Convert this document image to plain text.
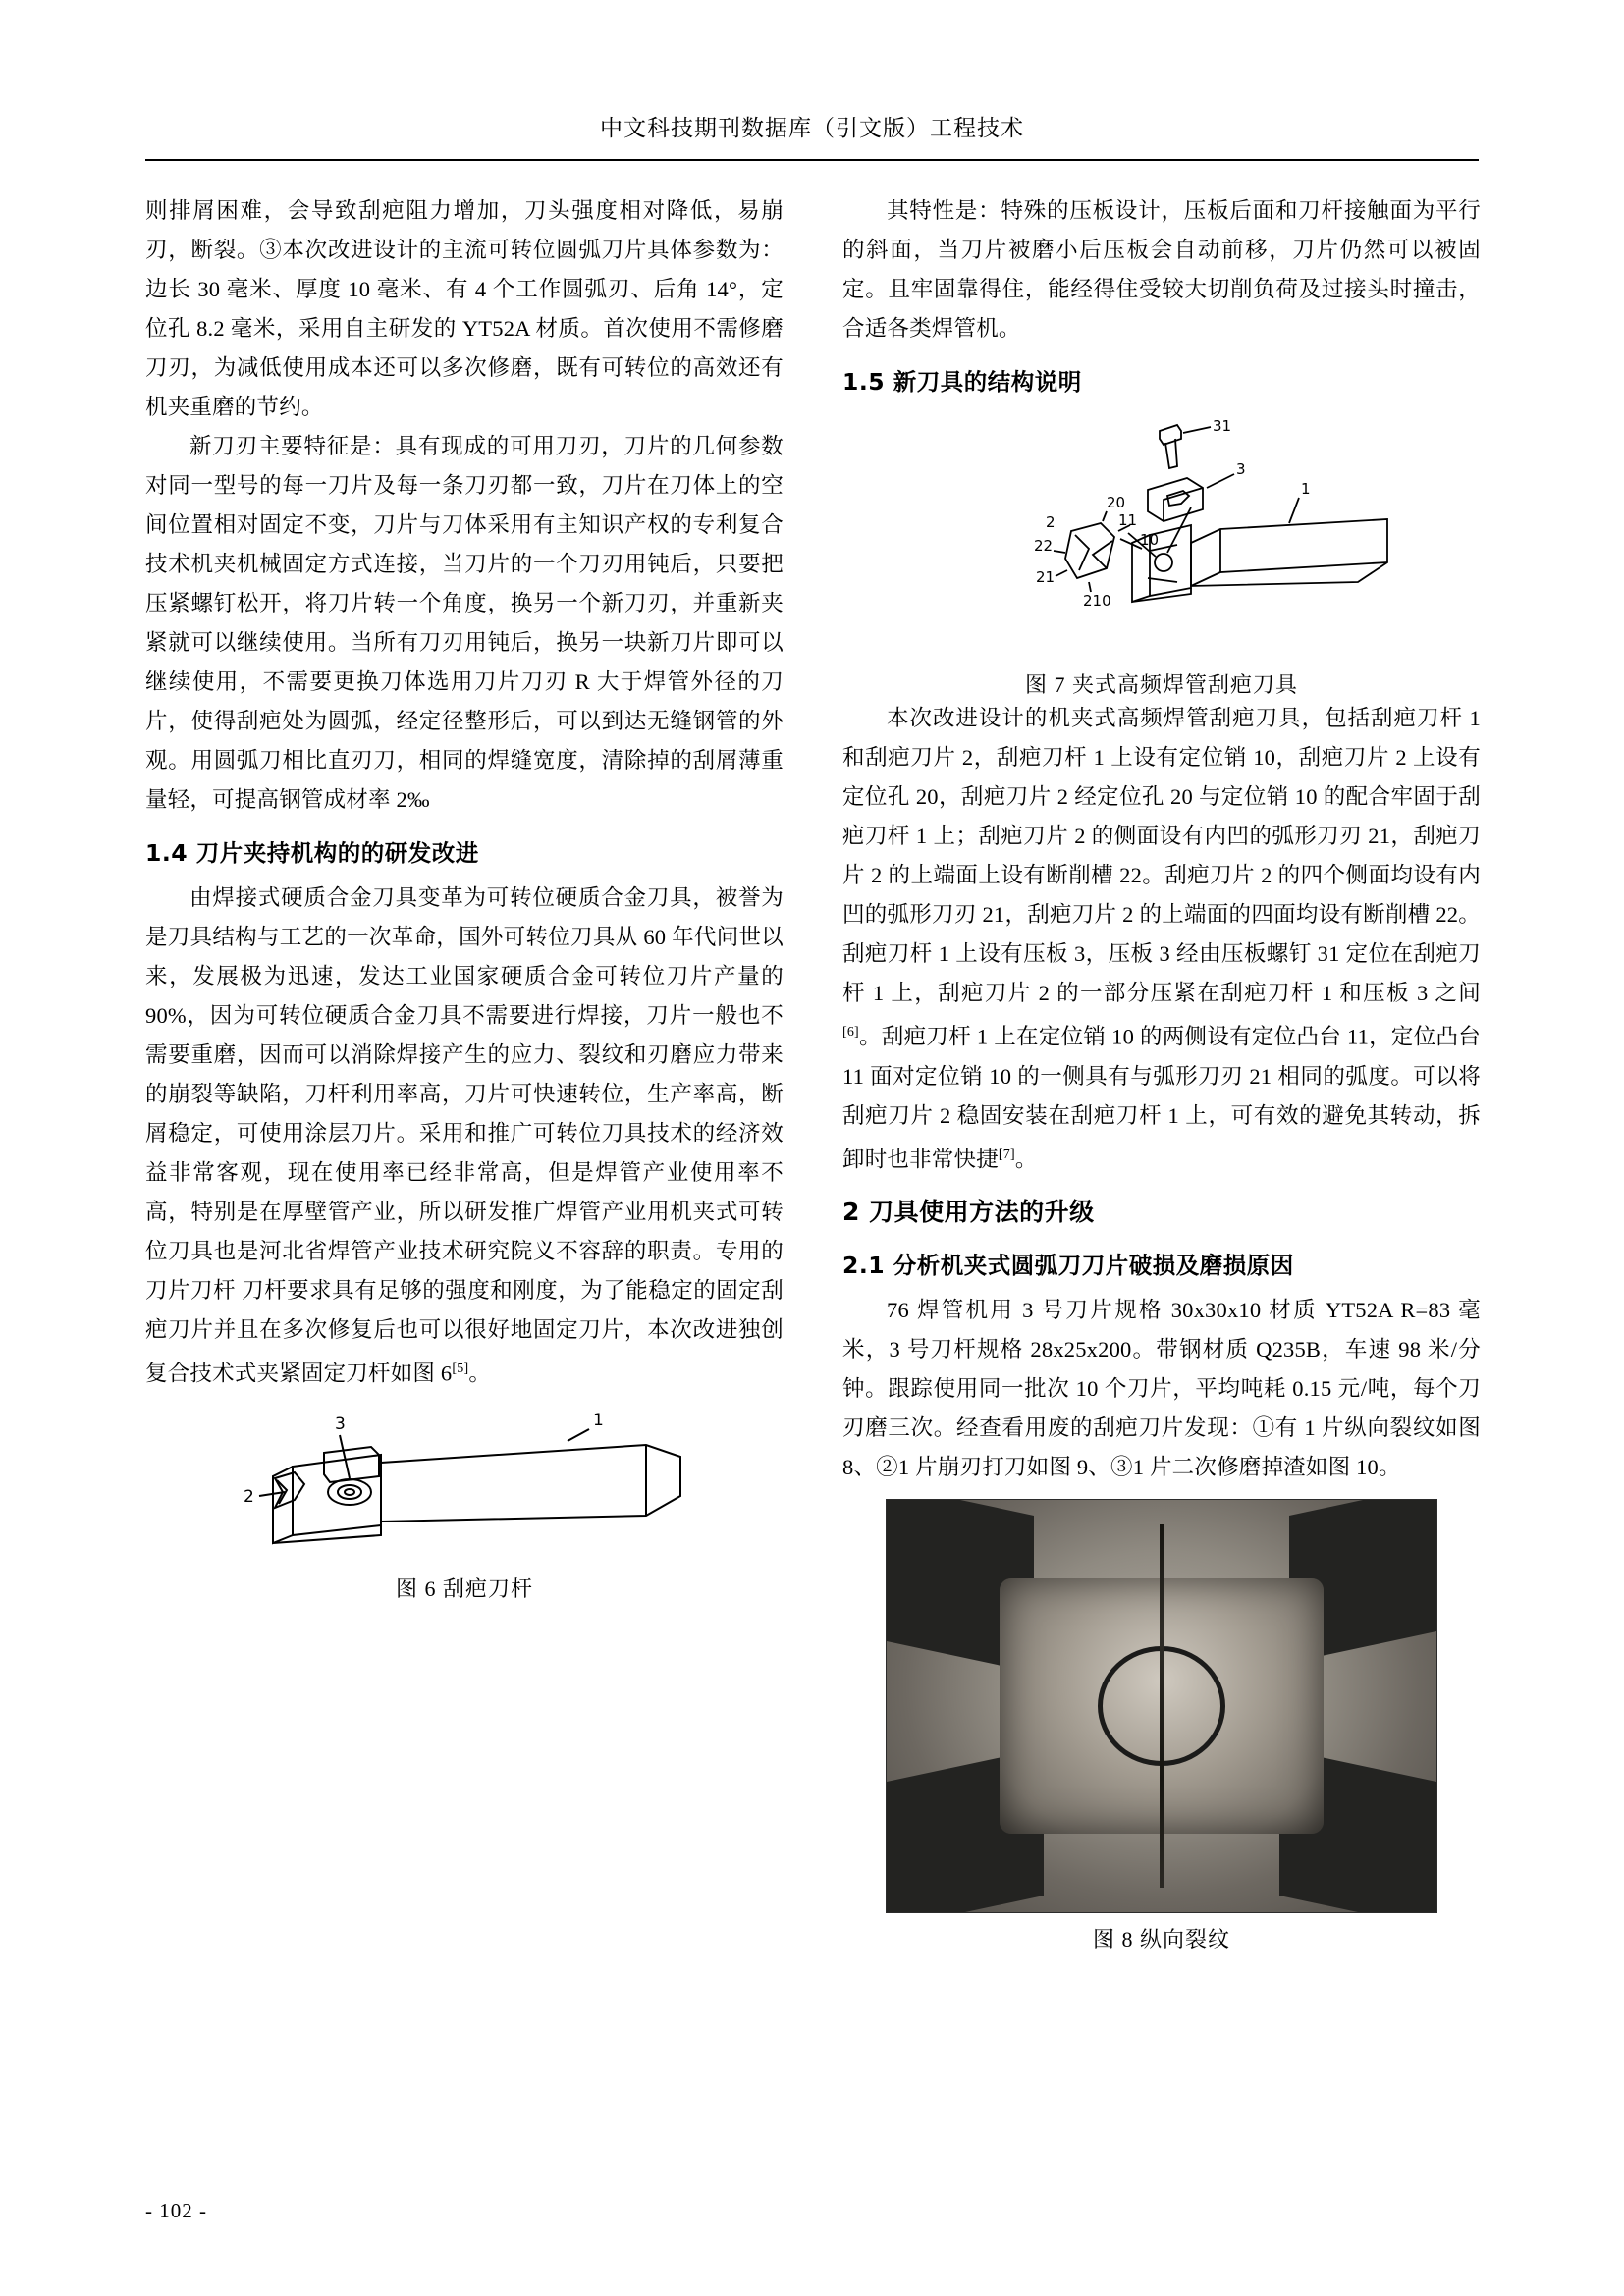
中文科技期刊数据库（引文版）工程技术

则排屑困难，会导致刮疤阻力增加，刀头强度相对降低，易崩刃，断裂。③本次改进设计的主流可转位圆弧刀片具体参数为：边长 30 毫米、厚度 10 毫米、有 4 个工作圆弧刃、后角 14°，定位孔 8.2 毫米，采用自主研发的 YT52A 材质。首次使用不需修磨刀刃，为减低使用成本还可以多次修磨，既有可转位的高效还有机夹重磨的节约。

新刀刃主要特征是：具有现成的可用刀刃，刀片的几何参数对同一型号的每一刀片及每一条刀刃都一致，刀片在刀体上的空间位置相对固定不变，刀片与刀体采用有主知识产权的专利复合技术机夹机械固定方式连接，当刀片的一个刀刃用钝后，只要把压紧螺钉松开，将刀片转一个角度，换另一个新刀刃，并重新夹紧就可以继续使用。当所有刀刃用钝后，换另一块新刀片即可以继续使用，不需要更换刀体选用刀片刀刃 R 大于焊管外径的刀片，使得刮疤处为圆弧，经定径整形后，可以到达无缝钢管的外观。用圆弧刀相比直刃刀，相同的焊缝宽度，清除掉的刮屑薄重量轻，可提高钢管成材率 2‰

1.4 刀片夹持机构的的研发改进

由焊接式硬质合金刀具变革为可转位硬质合金刀具，被誉为是刀具结构与工艺的一次革命，国外可转位刀具从 60 年代问世以来，发展极为迅速，发达工业国家硬质合金可转位刀片产量的 90%，因为可转位硬质合金刀具不需要进行焊接，刀片一般也不需要重磨，因而可以消除焊接产生的应力、裂纹和刃磨应力带来的崩裂等缺陷，刀杆利用率高，刀片可快速转位，生产率高，断屑稳定，可使用涂层刀片。采用和推广可转位刀具技术的经济效益非常客观，现在使用率已经非常高，但是焊管产业使用率不高，特别是在厚壁管产业，所以研发推广焊管产业用机夹式可转位刀具也是河北省焊管产业技术研究院义不容辞的职责。专用的刀片刀杆 刀杆要求具有足够的强度和刚度，为了能稳定的固定刮疤刀片并且在多次修复后也可以很好地固定刀片，本次改进独创复合技术式夹紧固定刀杆如图 6[5]。

1
2
3
图 6 刮疤刀杆

其特性是：特殊的压板设计，压板后面和刀杆接触面为平行的斜面，当刀片被磨小后压板会自动前移，刀片仍然可以被固定。且牢固靠得住，能经得住受较大切削负荷及过接头时撞击，合适各类焊管机。

1.5 新刀具的结构说明
31
3
1
11
20
2
22	10
21
210
图 7 夹式高频焊管刮疤刀具

本次改进设计的机夹式高频焊管刮疤刀具，包括刮疤刀杆 1 和刮疤刀片 2，刮疤刀杆 1 上设有定位销 10，刮疤刀片 2 上设有定位孔 20，刮疤刀片 2 经定位孔 20 与定位销 10 的配合牢固于刮疤刀杆 1 上；刮疤刀片 2 的侧面设有内凹的弧形刀刃 21，刮疤刀片 2 的上端面上设有断削槽 22。刮疤刀片 2 的四个侧面均设有内凹的弧形刀刃 21，刮疤刀片 2 的上端面的四面均设有断削槽 22。刮疤刀杆 1 上设有压板 3，压板 3 经由压板螺钉 31 定位在刮疤刀杆 1 上，刮疤刀片 2 的一部分压紧在刮疤刀杆 1 和压板 3 之间[6]。刮疤刀杆 1 上在定位销 10 的两侧设有定位凸台 11，定位凸台 11 面对定位销 10 的一侧具有与弧形刀刃 21 相同的弧度。可以将刮疤刀片 2 稳固安装在刮疤刀杆 1 上，可有效的避免其转动，拆卸时也非常快捷[7]。

2 刀具使用方法的升级
2.1 分析机夹式圆弧刀刀片破损及磨损原因

76 焊管机用 3 号刀片规格 30x30x10 材质 YT52A R=83 毫米，3 号刀杆规格 28x25x200。带钢材质 Q235B，车速 98 米/分钟。跟踪使用同一批次 10 个刀片，平均吨耗 0.15 元/吨，每个刀刃磨三次。经查看用废的刮疤刀片发现：①有 1 片纵向裂纹如图 8、②1 片崩刃打刀如图 9、③1 片二次修磨掉渣如图 10。

图 8 纵向裂纹
- 102 -
